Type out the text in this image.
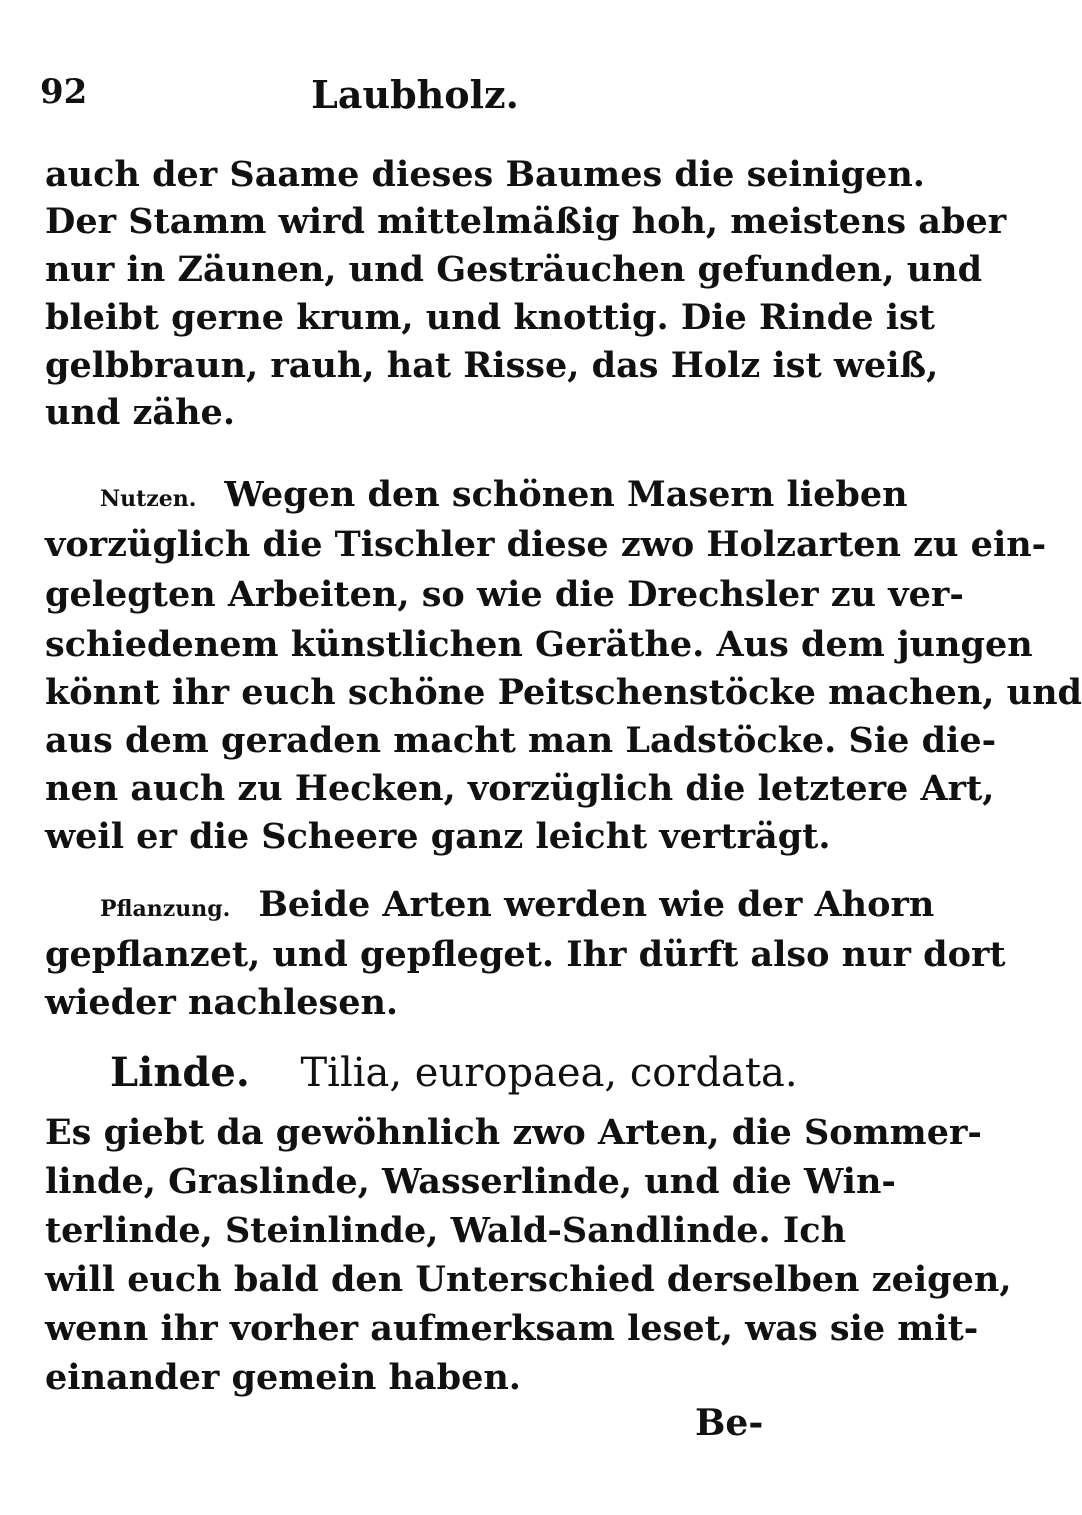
92	Laubholz.
auch der Saame dieses Baumes die seinigen.
Der Stamm wird mittelmäßig hoh, meistens aber
nur in Zäunen, und Gesträuchen gefunden, und
bleibt gerne krum, und knottig. Die Rinde ist
gelbbraun, rauh, hat Risse, das Holz ist weiß,
und zähe.
Nutzen. Wegen den schönen Masern lieben
vorzüglich die Tischler diese zwo Holzarten zu ein-
gelegten Arbeiten, so wie die Drechsler zu ver-
schiedenem künstlichen Geräthe. Aus dem jungen
könnt ihr euch schöne Peitschenstöcke machen, und
aus dem geraden macht man Ladstöcke. Sie die-
nen auch zu Hecken, vorzüglich die letztere Art,
weil er die Scheere ganz leicht verträgt.
Pflanzung. Beide Arten werden wie der Ahorn
gepflanzet, und gepfleget. Ihr dürft also nur dort
wieder nachlesen.
Linde. Tilia, europaea, cordata.
Es giebt da gewöhnlich zwo Arten, die Sommer-
linde, Graslinde, Wasserlinde, und die Win-
terlinde, Steinlinde, Wald-Sandlinde. Ich
will euch bald den Unterschied derselben zeigen,
wenn ihr vorher aufmerksam leset, was sie mit-
einander gemein haben.
Be-
